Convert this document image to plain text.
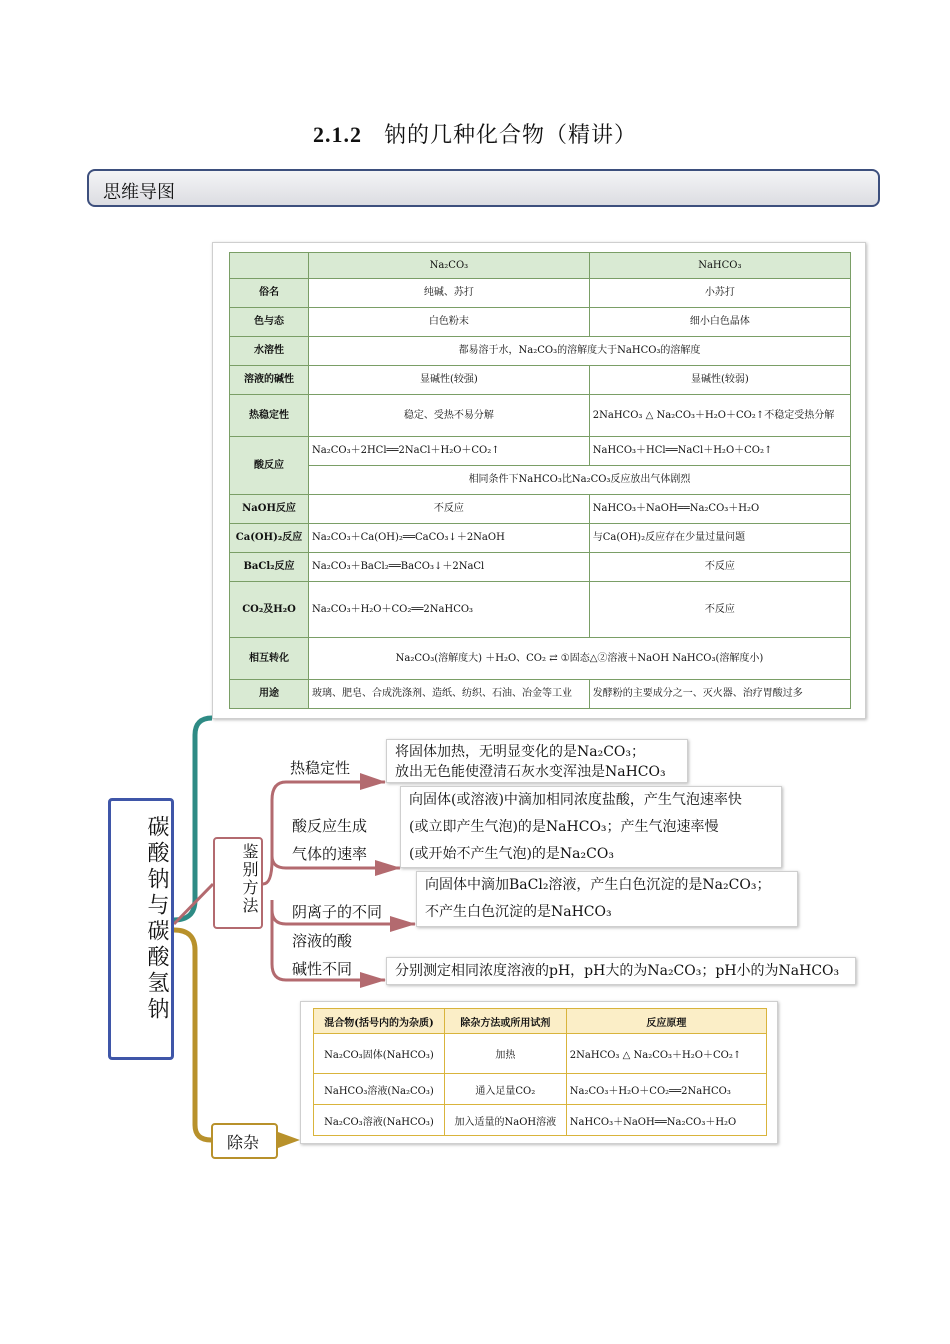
2.1.2 钠的几种化合物（精讲）
思维导图
	Na₂CO₃	NaHCO₃
俗名	纯碱、苏打	小苏打
色与态	白色粉末	细小白色晶体
水溶性	都易溶于水，Na₂CO₃的溶解度大于NaHCO₃的溶解度	
溶液的碱性	显碱性(较强)	显碱性(较弱)
热稳定性	稳定、受热不易分解	2NaHCO₃ △ Na₂CO₃＋H₂O＋CO₂↑不稳定受热分解
酸反应	Na₂CO₃＋2HCl══2NaCl＋H₂O＋CO₂↑	NaHCO₃＋HCl══NaCl＋H₂O＋CO₂↑
	相同条件下NaHCO₃比Na₂CO₃反应放出气体剧烈	
NaOH反应	不反应	NaHCO₃＋NaOH══Na₂CO₃＋H₂O
Ca(OH)₂反应	Na₂CO₃＋Ca(OH)₂══CaCO₃↓＋2NaOH	与Ca(OH)₂反应存在少量过量问题
BaCl₂反应	Na₂CO₃＋BaCl₂══BaCO₃↓＋2NaCl	不反应
CO₂及H₂O	Na₂CO₃＋H₂O＋CO₂══2NaHCO₃	不反应
相互转化	Na₂CO₃(溶解度大) ＋H₂O、CO₂ ⇄ ①固态△②溶液＋NaOH NaHCO₃(溶解度小)	
用途	玻璃、肥皂、合成洗涤剂、造纸、纺织、石油、冶金等工业	发酵粉的主要成分之一、灭火器、治疗胃酸过多
碳酸钠与碳酸氢钠	鉴别方法
除杂
热稳定性
将固体加热，无明显变化的是Na₂CO₃；
放出无色能使澄清石灰水变浑浊是NaHCO₃
酸反应生成
气体的速率
向固体(或溶液)中滴加相同浓度盐酸，产生气泡速率快
(或立即产生气泡)的是NaHCO₃；产生气泡速率慢
(或开始不产生气泡)的是Na₂CO₃
阴离子的不同
向固体中滴加BaCl₂溶液，产生白色沉淀的是Na₂CO₃；
不产生白色沉淀的是NaHCO₃
溶液的酸
碱性不同	分别测定相同浓度溶液的pH，pH大的为Na₂CO₃；pH小的为NaHCO₃
混合物(括号内的为杂质)	除杂方法或所用试剂	反应原理
Na₂CO₃固体(NaHCO₃)	加热	2NaHCO₃ △ Na₂CO₃＋H₂O＋CO₂↑
NaHCO₃溶液(Na₂CO₃)	通入足量CO₂	Na₂CO₃＋H₂O＋CO₂══2NaHCO₃
Na₂CO₃溶液(NaHCO₃)	加入适量的NaOH溶液	NaHCO₃＋NaOH══Na₂CO₃＋H₂O
